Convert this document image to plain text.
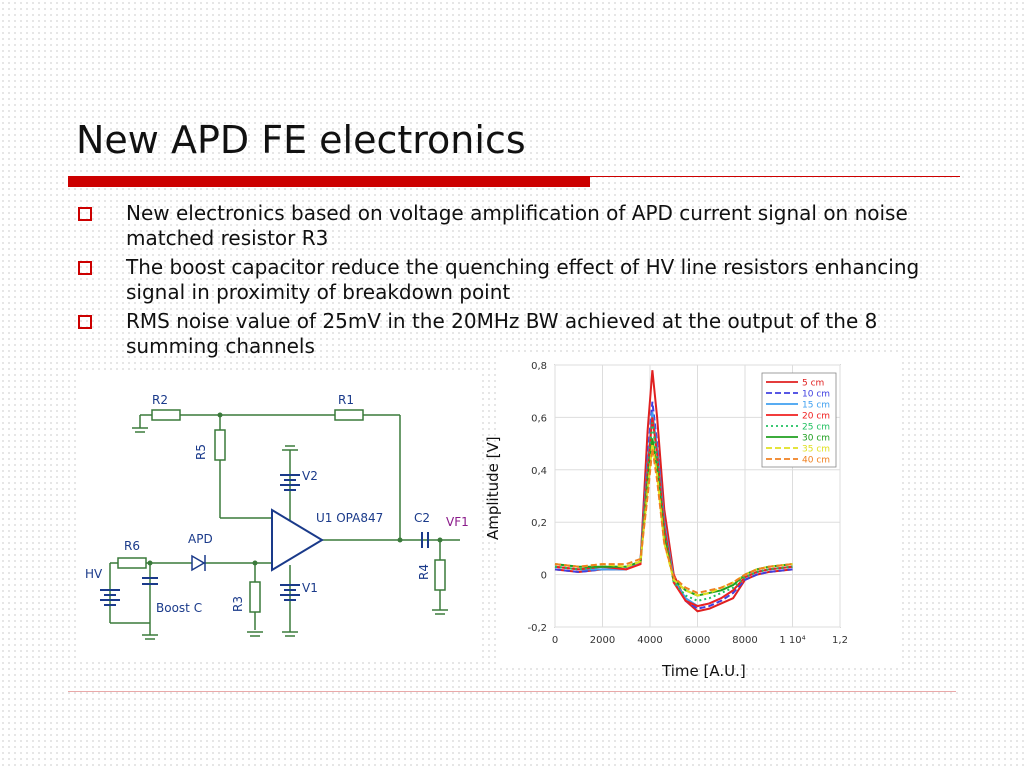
New APD FE electronics
New electronics based on voltage amplification of APD current signal on noise matched resistor R3
The boost capacitor reduce the quenching effect of HV line resistors enhancing signal in proximity of breakdown point
RMS noise value of 25mV in the 20MHz BW achieved at the output of the 8 summing channels
R2	R1
R5
R6	APD
HV
Boost C R3
U1 OPA847
V2
V1
C2
R4
VF1
0	2000 4000 6000 8000 1 10⁴	1,2
0,8
0,6
0,4
0,2
0
-0,2
5 cm
10 cm
15 cm
20 cm
25 cm
30 cm
35 cm
40 cm
Amplitude [V]
Time [A.U.]
